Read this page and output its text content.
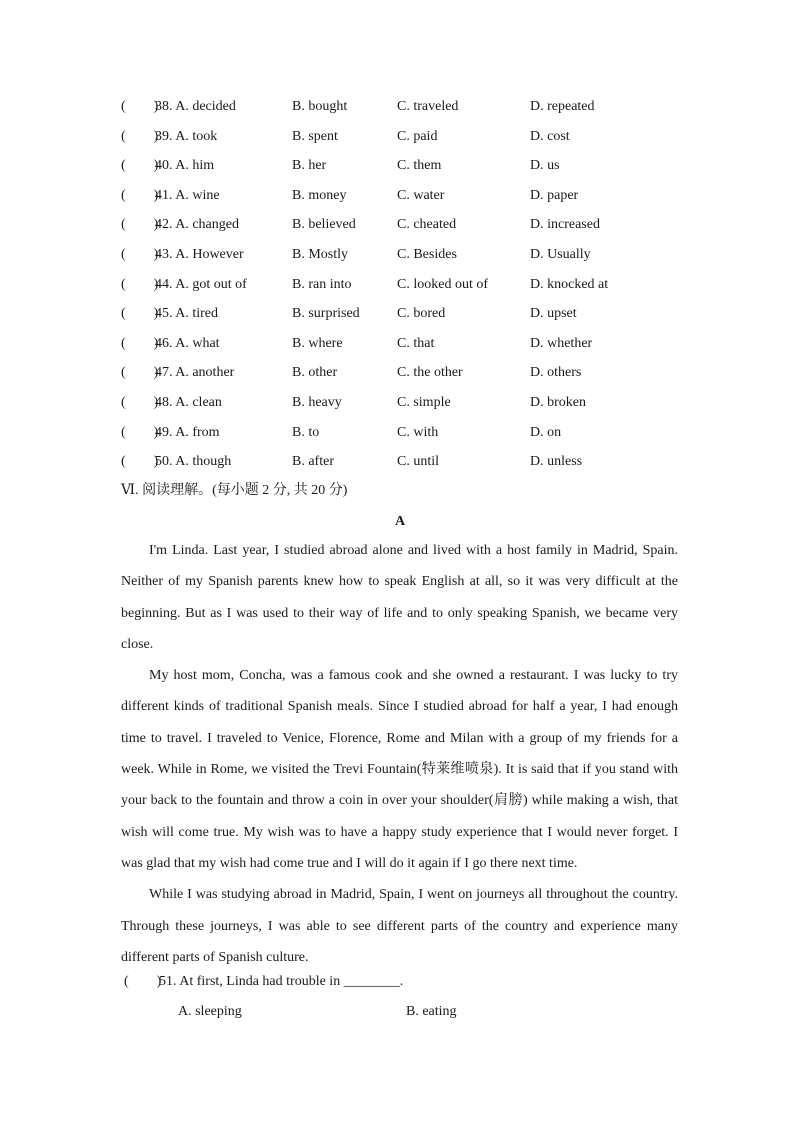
(        )
38. A. decided	B. bought	C. traveled	D. repeated
(        )
39. A. took	B. spent	C. paid	D. cost
(        )
40. A. him	B. her	C. them	D. us
(        )
41. A. wine	B. money	C. water	D. paper
(        )
42. A. changed	B. believed	C. cheated	D. increased
(        )
43. A. However	B. Mostly	C. Besides	D. Usually
(        )
44. A. got out of	B. ran into	C. looked out of	D. knocked at
(        )
45. A. tired	B. surprised	C. bored	D. upset
(        )
46. A. what	B. where	C. that	D. whether
(        )
47. A. another	B. other	C. the other	D. others
(        )
48. A. clean	B. heavy	C. simple	D. broken
(        )
49. A. from	B. to	C. with	D. on
(        )
50. A. though	B. after	C. until	D. unless
Ⅵ. 阅读理解。(每小题 2 分, 共 20 分)
A

I'm Linda. Last year, I studied abroad alone and lived with a host family in Madrid, Spain. Neither of my Spanish parents knew how to speak English at all, so it was very difficult at the beginning. But as I was used to their way of life and to only speaking Spanish, we became very close.

My host mom, Concha, was a famous cook and she owned a restaurant. I was lucky to try different kinds of traditional Spanish meals. Since I studied abroad for half a year, I had enough time to travel. I traveled to Venice, Florence, Rome and Milan with a group of my friends for a week. While in Rome, we visited the Trevi Fountain(特莱维喷泉). It is said that if you stand with your back to the fountain and throw a coin in over your shoulder(肩膀) while making a wish, that wish will come true. My wish was to have a happy study experience that I would never forget. I was glad that my wish had come true and I will do it again if I go there next time.

While I was studying abroad in Madrid, Spain, I went on journeys all throughout the country. Through these journeys, I was able to see different parts of the country and experience many different parts of Spanish culture.

(        )
51. At first, Linda had trouble in ________.
A. sleeping	B. eating
